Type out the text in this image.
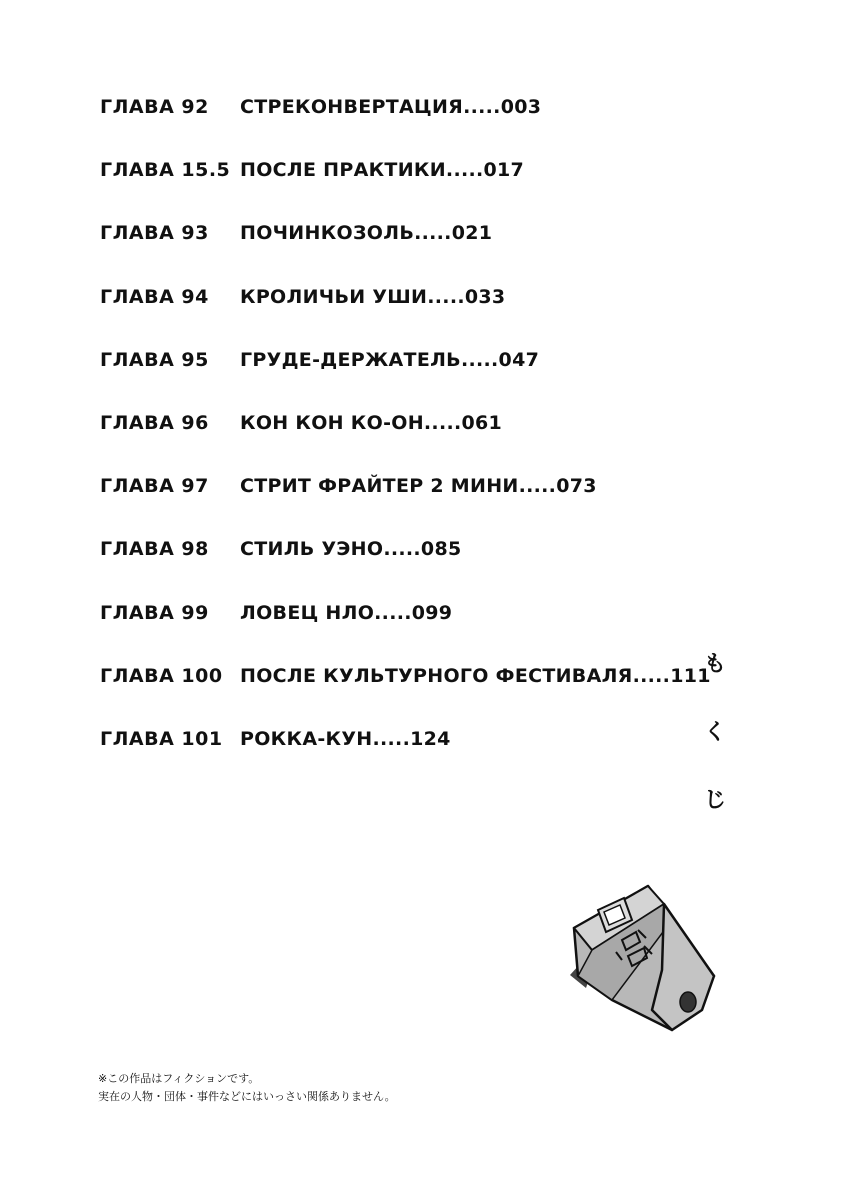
ГЛАВА 92 СТРЕКОНВЕРТАЦИЯ.....003
ГЛАВА 15.5 ПОСЛЕ ПРАКТИКИ.....017
ГЛАВА 93 ПОЧИНКОЗОЛЬ.....021
ГЛАВА 94 КРОЛИЧЬИ УШИ.....033
ГЛАВА 95 ГРУДЕ-ДЕРЖАТЕЛЬ.....047
ГЛАВА 96 КОН КОН КО-ОН.....061
ГЛАВА 97 СТРИТ ФРАЙТЕР 2 МИНИ.....073
ГЛАВА 98 СТИЛЬ УЭНО.....085
ГЛАВА 99 ЛОВЕЦ НЛО.....099
ГЛАВА 100 ПОСЛЕ КУЛЬТУРНОГО ФЕСТИВАЛЯ.....111
ГЛАВА 101 РОККА-КУН.....124
も
く
じ
※この作品はフィクションです。
実在の人物・団体・事件などにはいっさい関係ありません。
